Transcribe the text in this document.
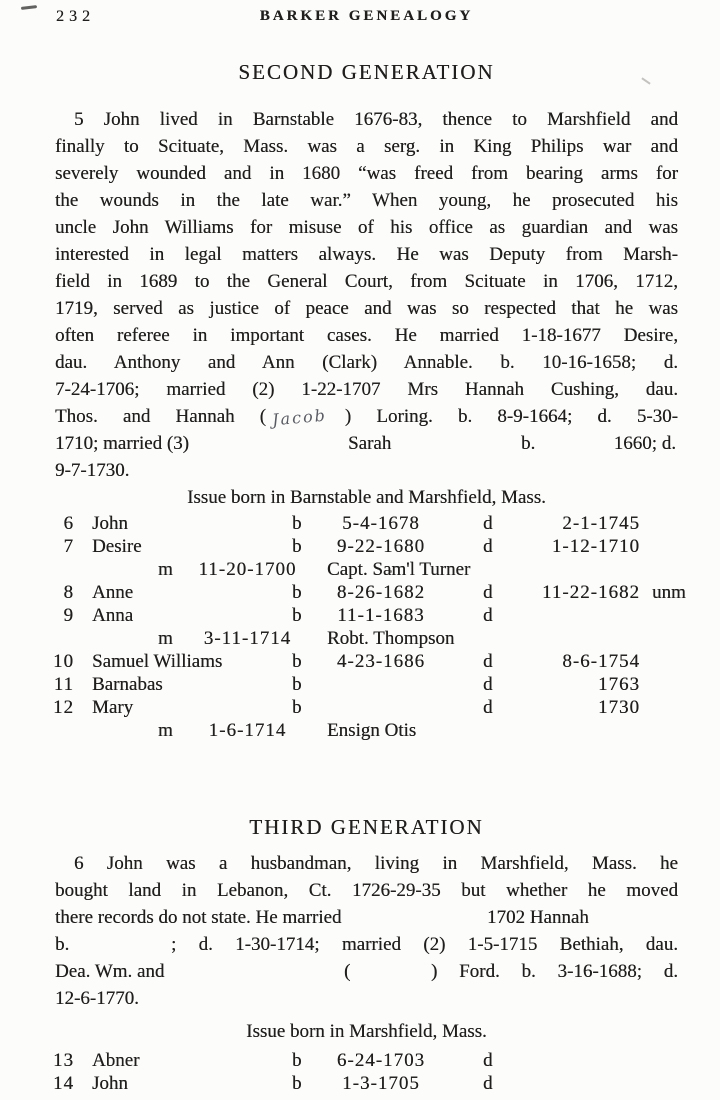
232	BARKER GENEALOGY
SECOND GENERATION
5 John lived in Barnstable 1676-83, thence to Marshfield and
finally to Scituate, Mass. was a serg. in King Philips war and
severely wounded and in 1680 “was freed from bearing arms for
the wounds in the late war.” When young, he prosecuted his
uncle John Williams for misuse of his office as guardian and was
interested in legal matters always. He was Deputy from Marsh-
field in 1689 to the General Court, from Scituate in 1706, 1712,
1719, served as justice of peace and was so respected that he was
often referee in important cases. He married 1-18-1677 Desire,
dau. Anthony and Ann (Clark) Annable. b. 10-16-1658; d.
7-24-1706; married (2) 1-22-1707 Mrs Hannah Cushing, dau.
Thos. and Hannah ( Jacob ) Loring. b. 8-9-1664; d. 5-30-
1710; married (3)	Sarah	b.	1660; d.
9-7-1730.
Issue born in Barnstable and Marshfield, Mass.
6 John	b	5-4-1678	d	2-1-1745
7 Desire	b	9-22-1680	d	1-12-1710
m	11-20-1700	Capt. Sam'l Turner
8 Anne	b	8-26-1682	d	11-22-1682 unm
9 Anna	b	11-1-1683	d
m	3-11-1714	Robt. Thompson
10 Samuel Williams	b	4-23-1686	d	8-6-1754
11 Barnabas	b	d	1763
12 Mary	b	d	1730
m	1-6-1714	Ensign Otis
THIRD GENERATION
6 John was a husbandman, living in Marshfield, Mass. he
bought land in Lebanon, Ct. 1726-29-35 but whether he moved
there records do not state. He married	1702 Hannah
b.	; d. 1-30-1714; married (2) 1-5-1715 Bethiah, dau.
Dea. Wm. and	(	) Ford. b. 3-16-1688; d.
12-6-1770.
Issue born in Marshfield, Mass.
13 Abner	b	6-24-1703	d
14 John	b	1-3-1705	d
